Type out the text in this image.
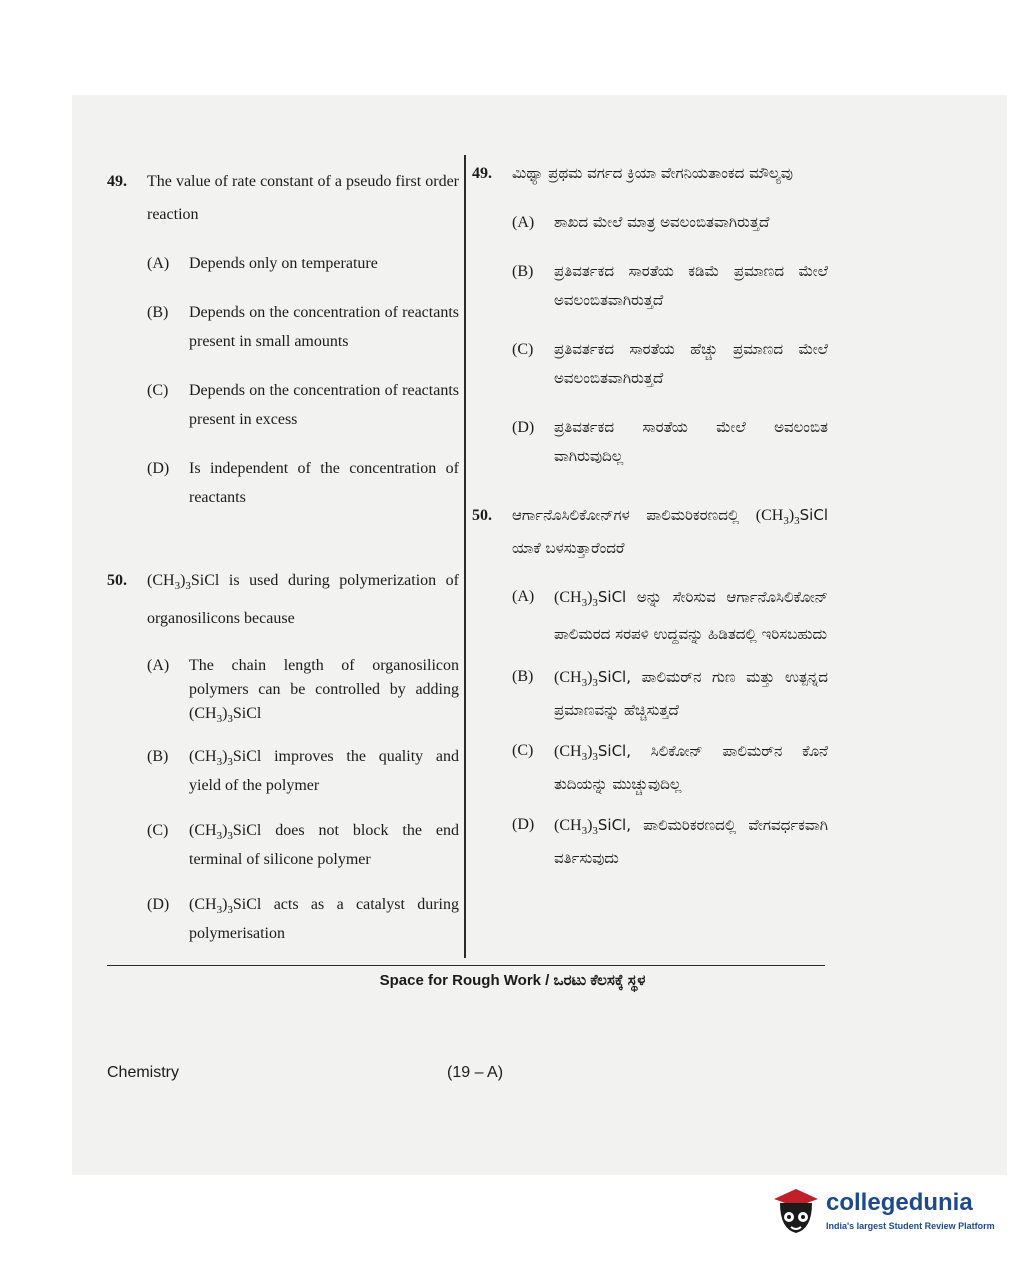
49.	The value of rate constant of a pseudo first order reaction
(A)	Depends only on temperature
(B)	Depends on the concentration of reactants present in small amounts
(C)	Depends on the concentration of reactants present in excess
(D)	Is independent of the concentration of reactants
50.	$(CH_3)_3SiCl$ is used during polymerization of organosilicons because
(A)	The chain length of organosilicon polymers can be controlled by adding $(CH_3)_3SiCl$
(B)	$(CH_3)_3SiCl$ improves the quality and yield of the polymer
(C)	$(CH_3)_3SiCl$ does not block the end terminal of silicone polymer
(D)	$(CH_3)_3SiCl$ acts as a catalyst during polymerisation
49.	ಮಿಥ್ಯಾ ಪ್ರಥಮ ವರ್ಗದ ಕ್ರಿಯಾ ವೇಗನಿಯತಾಂಕದ ಮೌಲ್ಯವು
(A)	ಶಾಖದ ಮೇಲೆ ಮಾತ್ರ ಅವಲಂಬಿತವಾಗಿರುತ್ತದೆ
(B)	ಪ್ರತಿವರ್ತಕದ ಸಾರತೆಯ ಕಡಿಮೆ ಪ್ರಮಾಣದ ಮೇಲೆ ಅವಲಂಬಿತವಾಗಿರುತ್ತದೆ
(C)	ಪ್ರತಿವರ್ತಕದ ಸಾರತೆಯ ಹೆಚ್ಚು ಪ್ರಮಾಣದ ಮೇಲೆ ಅವಲಂಬಿತವಾಗಿರುತ್ತದೆ
(D)	ಪ್ರತಿವರ್ತಕದ ಸಾರತೆಯ ಮೇಲೆ ಅವಲಂಬಿತ ವಾಗಿರುವುದಿಲ್ಲ
50.	ಆರ್ಗಾನೊಸಿಲಿಕೋನ್‌ಗಳ ಪಾಲಿಮರಿಕರಣದಲ್ಲಿ $(CH_3)_3SiCl$ ಯಾಕೆ ಬಳಸುತ್ತಾರೆಂದರೆ
(A)	$(CH_3)_3SiCl$ ಅನ್ನು ಸೇರಿಸುವ ಆರ್ಗಾನೊಸಿಲಿಕೋನ್ ಪಾಲಿಮರದ ಸರಪಳಿ ಉದ್ದವನ್ನು ಹಿಡಿತದಲ್ಲಿ ಇರಿಸಬಹುದು
(B)	$(CH_3)_3SiCl$, ಪಾಲಿಮರ್‌ನ ಗುಣ ಮತ್ತು ಉತ್ಪನ್ನದ ಪ್ರಮಾಣವನ್ನು ಹೆಚ್ಚಿಸುತ್ತದೆ
(C)	$(CH_3)_3SiCl$, ಸಿಲಿಕೋನ್ ಪಾಲಿಮರ್‌ನ ಕೊನೆ ತುದಿಯನ್ನು ಮುಚ್ಚುವುದಿಲ್ಲ
(D)	$(CH_3)_3SiCl$, ಪಾಲಿಮರಿಕರಣದಲ್ಲಿ ವೇಗವರ್ಧಕವಾಗಿ ವರ್ತಿಸುವುದು
Space for Rough Work / ಒರಟು ಕೆಲಸಕ್ಕೆ ಸ್ಥಳ
Chemistry	(19 – A)
collegedunia
India's largest Student Review Platform
